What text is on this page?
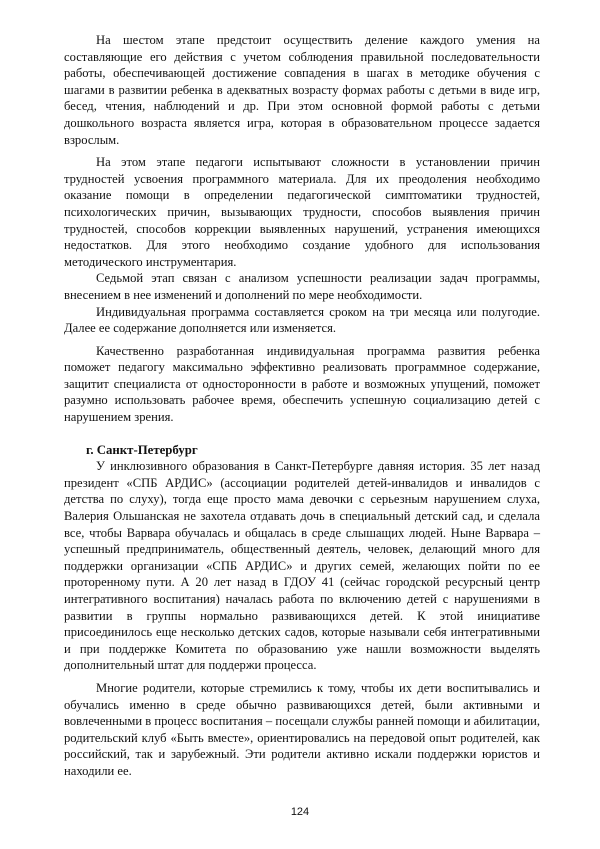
На шестом этапе предстоит осуществить деление каждого умения на составляющие его действия с учетом соблюдения правильной последовательности работы, обеспечивающей достижение совпадения в шагах в методике обучения с шагами в развитии ребенка в адекватных возрасту формах работы с детьми в виде игр, бесед, чтения, наблюдений и др. При этом основной формой работы с детьми дошкольного возраста является игра, которая в образовательном процессе задается взрослым.

На этом этапе педагоги испытывают сложности в установлении причин трудностей усвоения программного материала. Для их преодоления необходимо оказание помощи в определении педагогической симптоматики трудностей, психологических причин, вызывающих трудности, способов выявления причин трудностей, способов коррекции выявленных нарушений, устранения имеющихся недостатков. Для этого необходимо создание удобного для использования методического инструментария.

Седьмой этап связан с анализом успешности реализации задач программы, внесением в нее изменений и дополнений по мере необходимости.

Индивидуальная программа составляется сроком на три месяца или полугодие. Далее ее содержание дополняется или изменяется.

Качественно разработанная индивидуальная программа развития ребенка поможет педагогу максимально эффективно реализовать программное содержание, защитит специалиста от односторонности в работе и возможных упущений, поможет разумно использовать рабочее время, обеспечить успешную социализацию детей с нарушением зрения.

г. Санкт-Петербург

У инклюзивного образования в Санкт-Петербурге давняя история. 35 лет назад президент «СПБ АРДИС» (ассоциации родителей детей-инвалидов и инвалидов с детства по слуху), тогда еще просто мама девочки с серьезным нарушением слуха, Валерия Ольшанская не захотела отдавать дочь в специальный детский сад, и сделала все, чтобы Варвара обучалась и общалась в среде слышащих людей. Ныне Варвара – успешный предприниматель, общественный деятель, человек, делающий много для поддержки организации «СПБ АРДИС» и других семей, желающих пойти по ее проторенному пути. А 20 лет назад в ГДОУ 41 (сейчас городской ресурсный центр интегративного воспитания) началась работа по включению детей с нарушениями в развитии в группы нормально развивающихся детей. К этой инициативе присоединилось еще несколько детских садов, которые называли себя интегративными и при поддержке Комитета по образованию уже нашли возможности выделять дополнительный штат для поддержи процесса.

Многие родители, которые стремились к тому, чтобы их дети воспитывались и обучались именно в среде обычно развивающихся детей, были активными и вовлеченными в процесс воспитания – посещали службы ранней помощи и абилитации, родительский клуб «Быть вместе», ориентировались на передовой опыт родителей, как российский, так и зарубежный. Эти родители активно искали поддержки юристов и находили ее.

124
